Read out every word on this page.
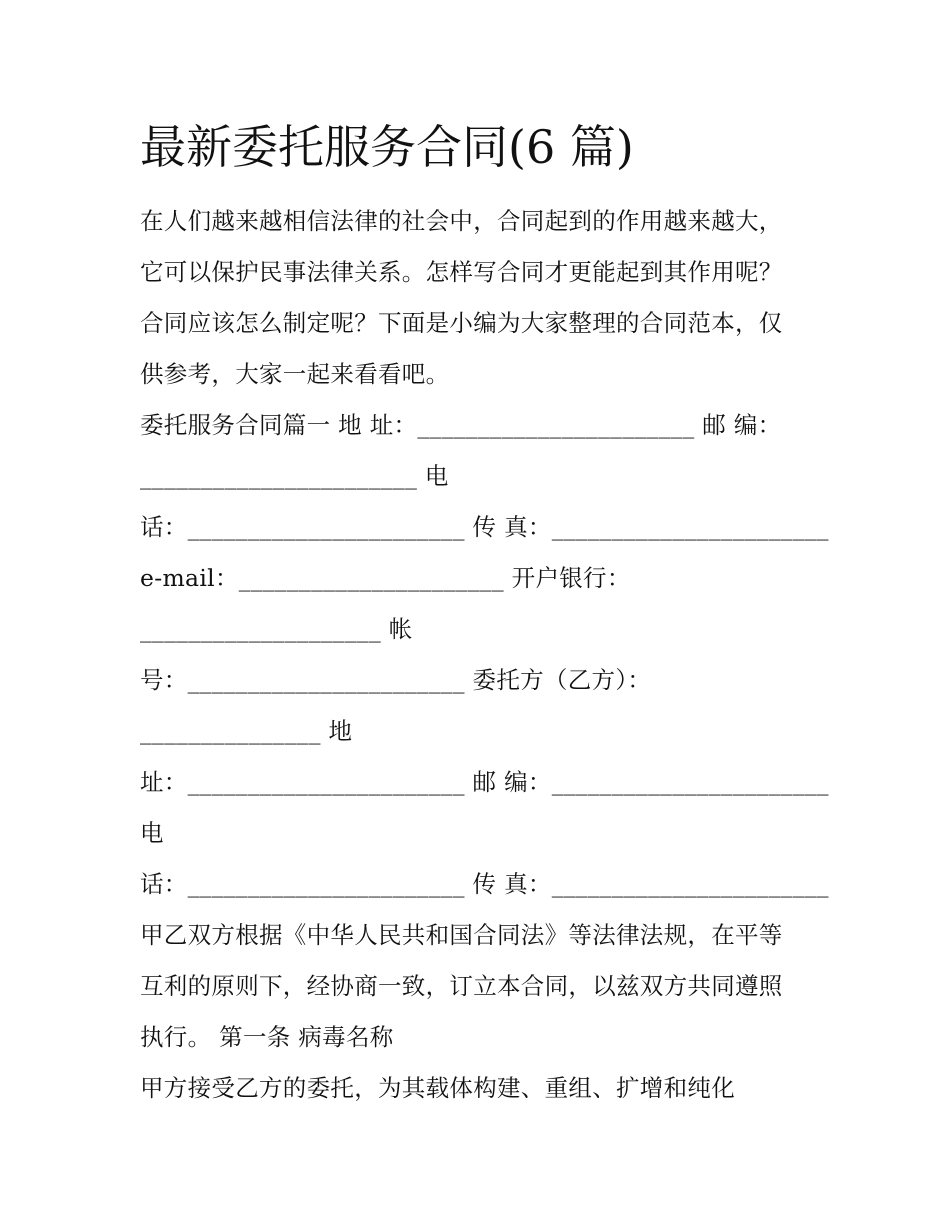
最新委托服务合同(6 篇)

在人们越来越相信法律的社会中，合同起到的作用越来越大，

它可以保护民事法律关系。怎样写合同才更能起到其作用呢？

合同应该怎么制定呢？下面是小编为大家整理的合同范本，仅

供参考，大家一起来看看吧。

委托服务合同篇一 地 址：_______________________ 邮 编：

_______________________ 电

话：_______________________ 传 真：_______________________

e-mail：______________________ 开户银行：

____________________ 帐

号：_______________________ 委托方（乙方）：

_______________ 地

址：_______________________ 邮 编：_______________________

电

话：_______________________ 传 真：_______________________

甲乙双方根据《中华人民共和国合同法》等法律法规，在平等

互利的原则下，经协商一致，订立本合同，以兹双方共同遵照

执行。 第一条 病毒名称

甲方接受乙方的委托，为其载体构建、重组、扩增和纯化
